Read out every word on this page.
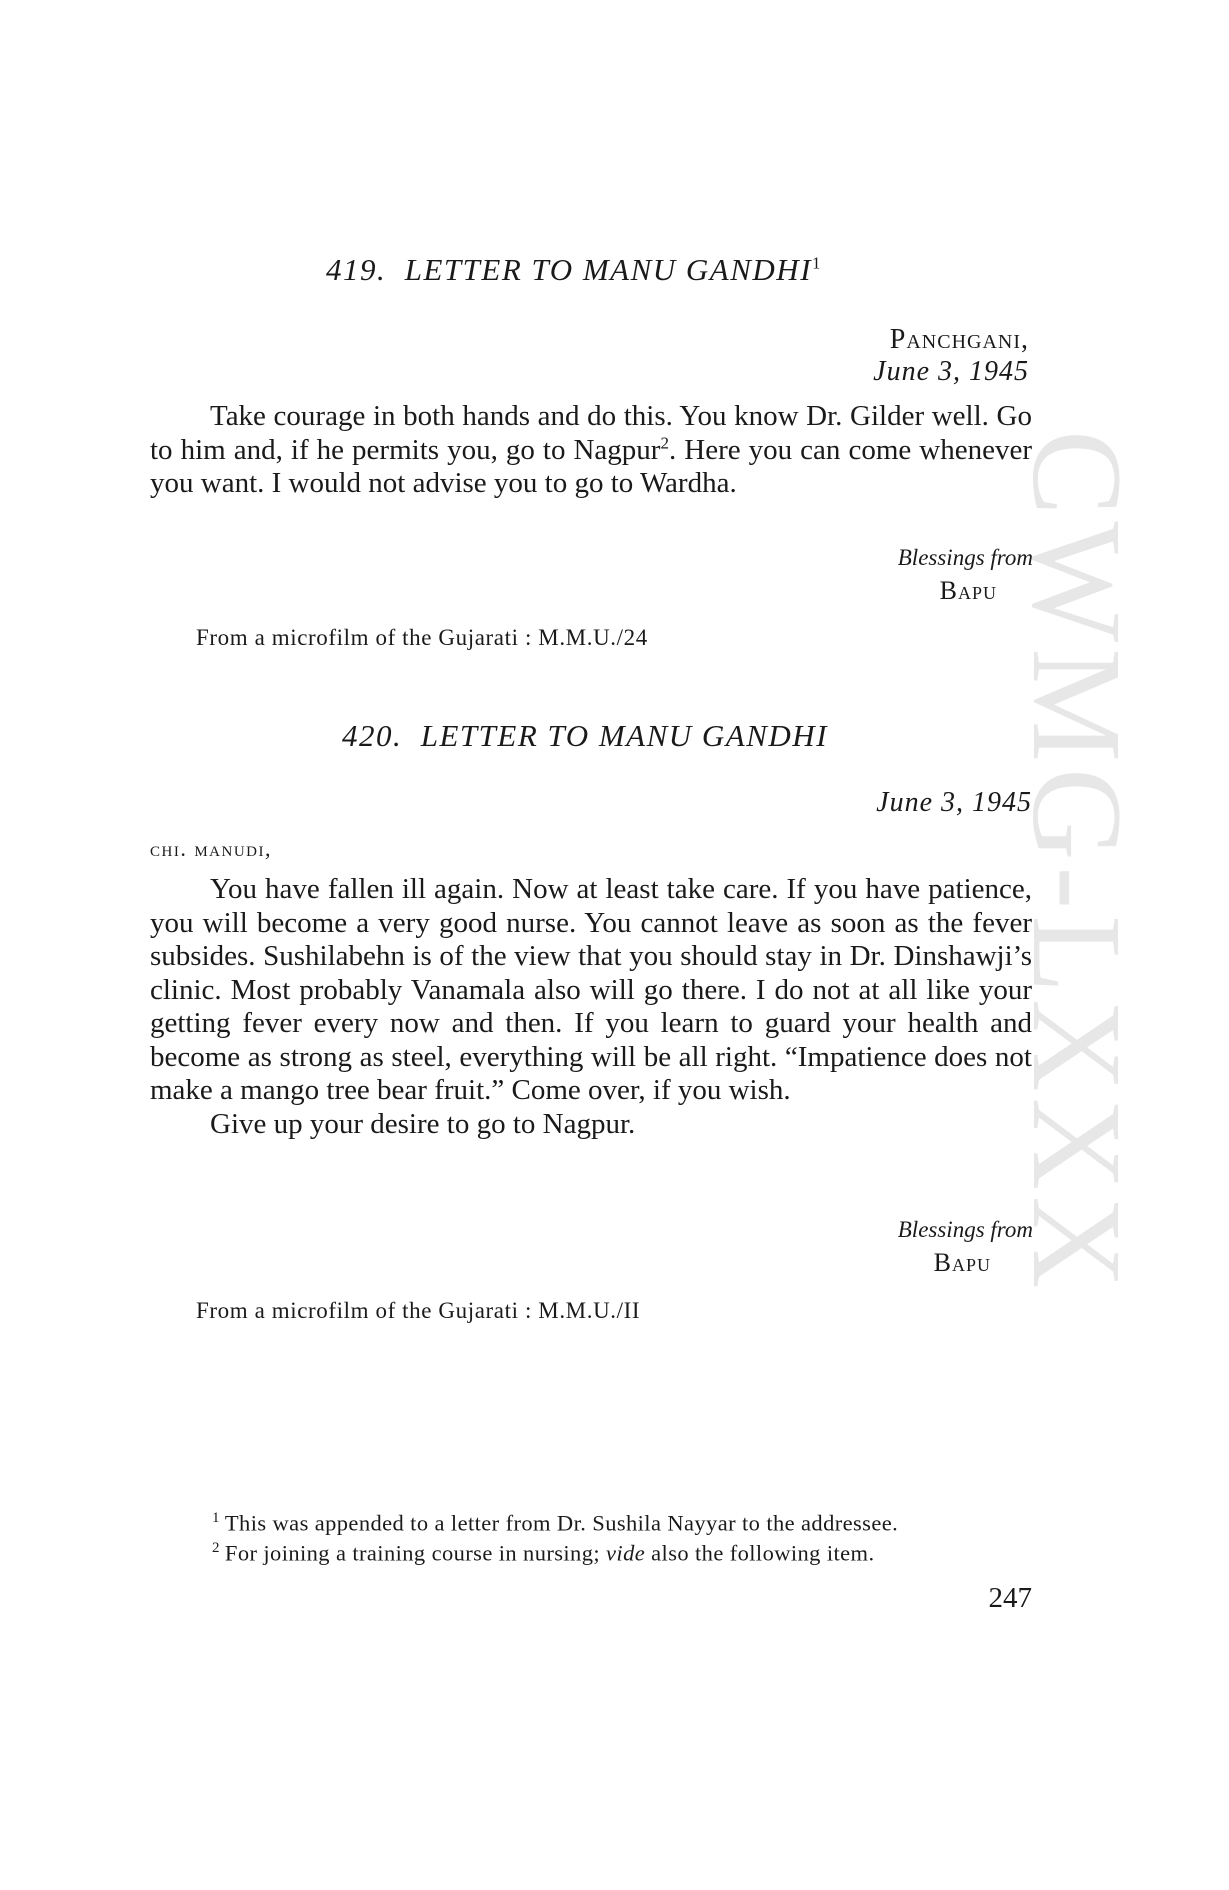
CWMG-LXXX
419. LETTER TO MANU GANDHI$^1$
Panchgani,
June 3, 1945

Take courage in both hands and do this. You know Dr. Gilder well. Go to him and, if he permits you, go to Nagpur$^2$. Here you can come whenever you want. I would not advise you to go to Wardha.

Blessings from
Bapu
From a microfilm of the Gujarati : M.M.U./24
420. LETTER TO MANU GANDHI
June 3, 1945
chi. manudi,

You have fallen ill again. Now at least take care. If you have patience, you will become a very good nurse. You cannot leave as soon as the fever subsides. Sushilabehn is of the view that you should stay in Dr. Dinshawji’s clinic. Most probably Vanamala also will go there. I do not at all like your getting fever every now and then. If you learn to guard your health and become as strong as steel, everything will be all right. “Impatience does not make a mango tree bear fruit.” Come over, if you wish.

Give up your desire to go to Nagpur.

Blessings from
Bapu
From a microfilm of the Gujarati : M.M.U./II
$^1$ This was appended to a letter from Dr. Sushila Nayyar to the addressee.
$^2$ For joining a training course in nursing; vide also the following item.
247
